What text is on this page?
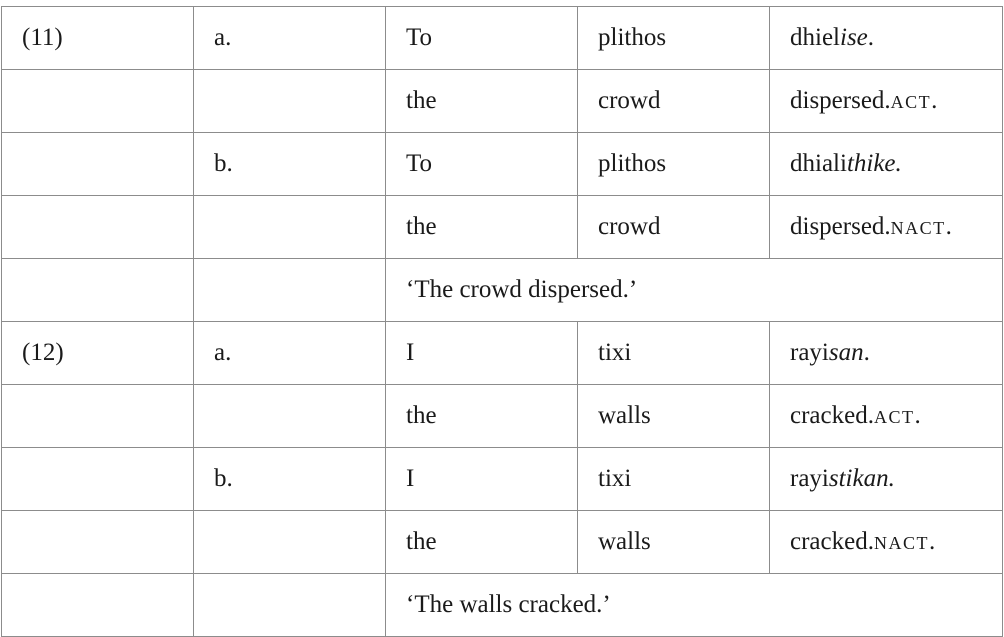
(11)	a.	To	plithos	dhielise.
		the	crowd	dispersed.act.
	b.	To	plithos	dhialithike.
		the	crowd	dispersed.nact.
		‘The crowd dispersed.’		
(12)	a.	I	tixi	rayisan.
		the	walls	cracked.act.
	b.	I	tixi	rayistikan.
		the	walls	cracked.nact.
		‘The walls cracked.’		
